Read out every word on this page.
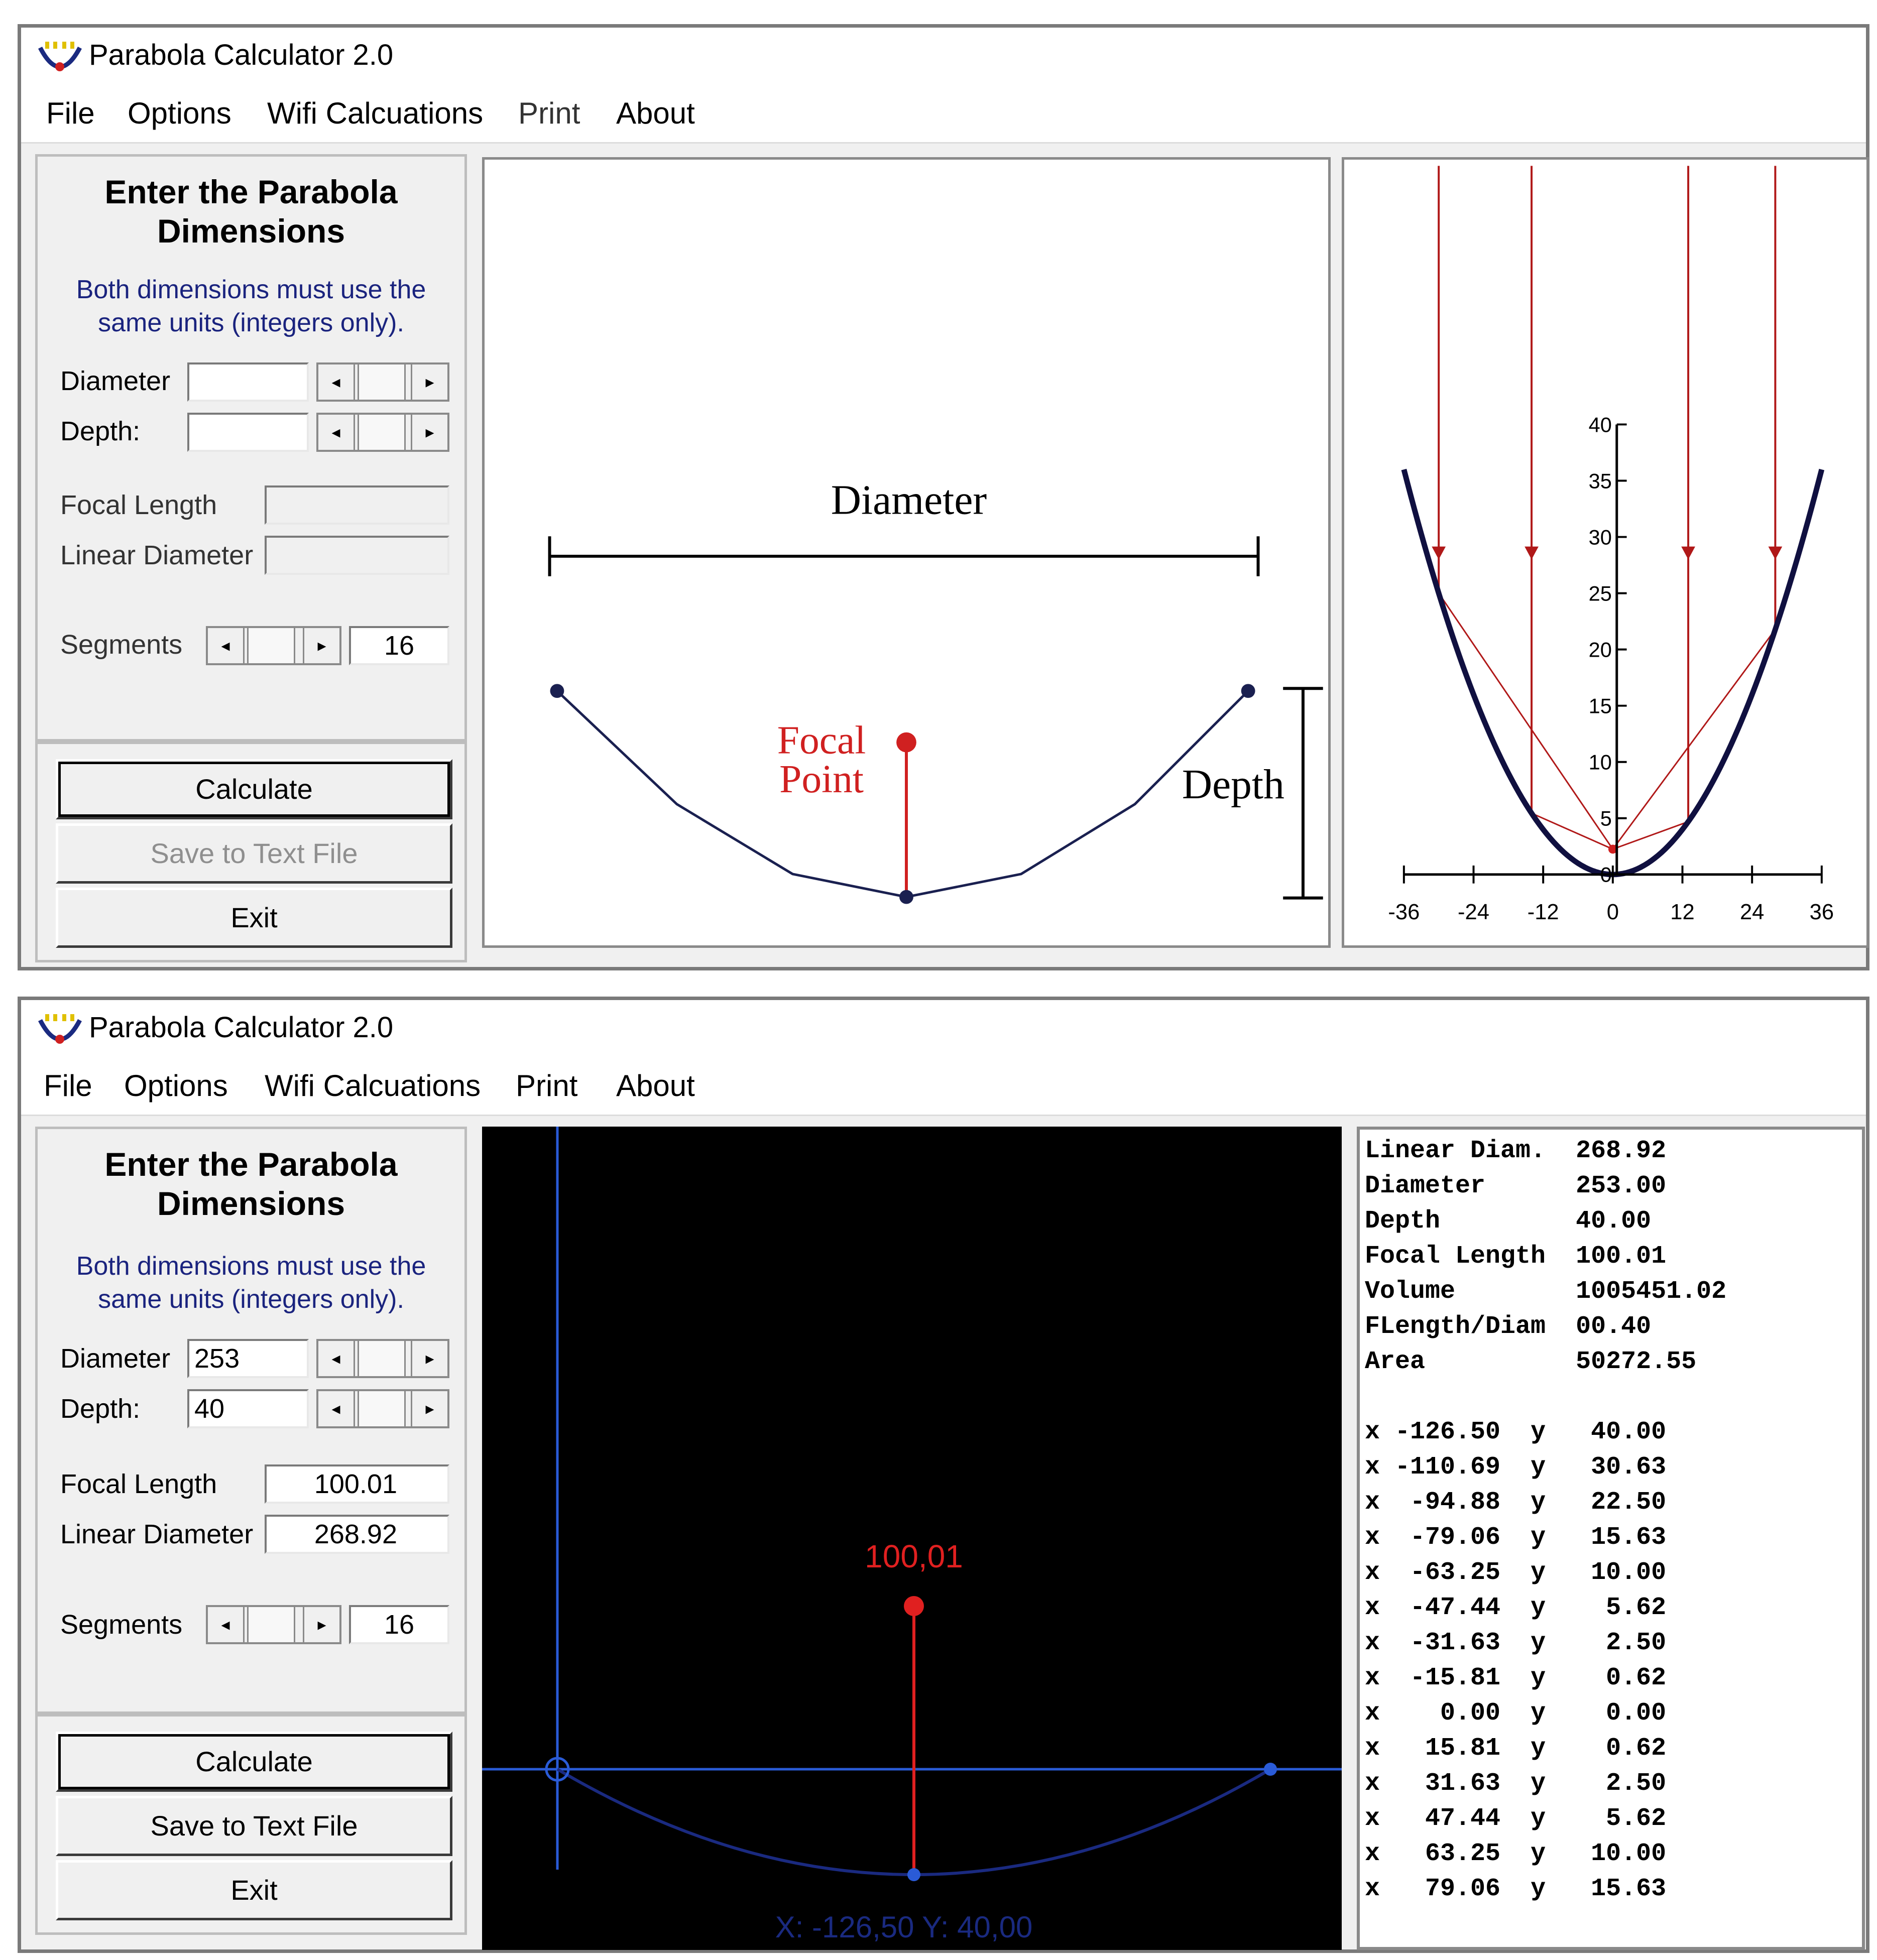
Parabola Calculator 2.0
File Options Wifi Calcuations Print About
Enter the Parabola
Dimensions
Both dimensions must use the
same units (integers only).
Diameter	◂	▸
Depth:	◂	▸
Focal Length
Linear Diameter
Segments	◂	▸	16
Calculate
Save to Text File
Exit
Diameter
Depth
Focal
Point
-36 -24 -12 0 12 24 36
0
5
10
15
20
25
30
35
40
Parabola Calculator 2.0
File Options Wifi Calcuations Print About
Enter the Parabola
Dimensions
Both dimensions must use the
same units (integers only).
Diameter 253	◂	▸
Depth: 40	◂	▸
Focal Length	100.01
Linear Diameter	268.92
Segments	◂	▸	16
Calculate
Save to Text File
Exit
100,01
X: -126,50 Y: 40,00
Linear Diam.  268.92
Diameter      253.00
Depth         40.00
Focal Length  100.01
Volume        1005451.02
FLength/Diam  00.40
Area          50272.55
x -126.50  y   40.00
x -110.69  y   30.63
x  -94.88  y   22.50
x  -79.06  y   15.63
x  -63.25  y   10.00
x  -47.44  y    5.62
x  -31.63  y    2.50
x  -15.81  y    0.62
x    0.00  y    0.00
x   15.81  y    0.62
x   31.63  y    2.50
x   47.44  y    5.62
x   63.25  y   10.00
x   79.06  y   15.63
